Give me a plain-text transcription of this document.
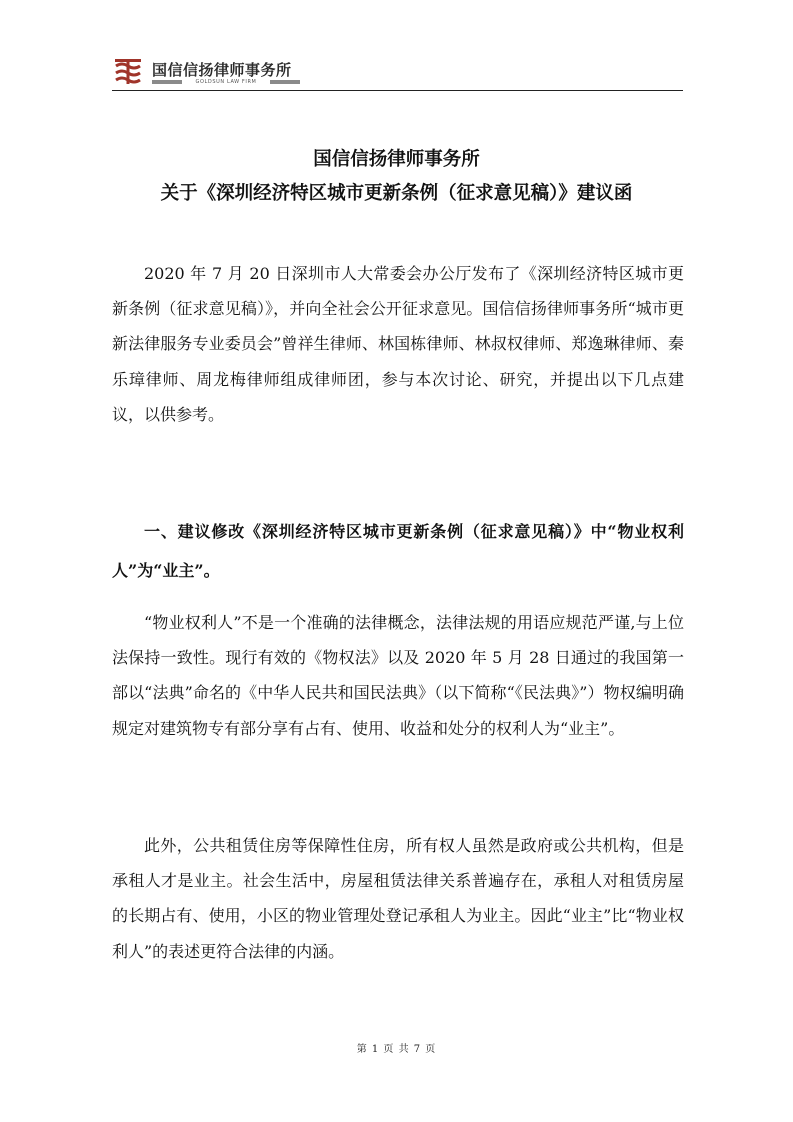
国信信扬律师事务所
GOLDSUN LAW FIRM
国信信扬律师事务所
关于《深圳经济特区城市更新条例（征求意见稿）》建议函
2020 年 7 月 20 日深圳市人大常委会办公厅发布了《深圳经济特区城市更新条例（征求意见稿）》，并向全社会公开征求意见。国信信扬律师事务所“城市更新法律服务专业委员会”曾祥生律师、林国栋律师、林叔权律师、郑逸琳律师、秦乐璋律师、周龙梅律师组成律师团，参与本次讨论、研究，并提出以下几点建议，以供参考。
一、建议修改《深圳经济特区城市更新条例（征求意见稿）》中“物业权利人”为“业主”。
“物业权利人”不是一个准确的法律概念，法律法规的用语应规范严谨,与上位法保持一致性。现行有效的《物权法》以及 2020 年 5 月 28 日通过的我国第一部以“法典”命名的《中华人民共和国民法典》（以下简称“《民法典》”）物权编明确规定对建筑物专有部分享有占有、使用、收益和处分的权利人为“业主”。
此外，公共租赁住房等保障性住房，所有权人虽然是政府或公共机构，但是承租人才是业主。社会生活中，房屋租赁法律关系普遍存在，承租人对租赁房屋的长期占有、使用，小区的物业管理处登记承租人为业主。因此“业主”比“物业权利人”的表述更符合法律的内涵。
第 1 页 共 7 页
